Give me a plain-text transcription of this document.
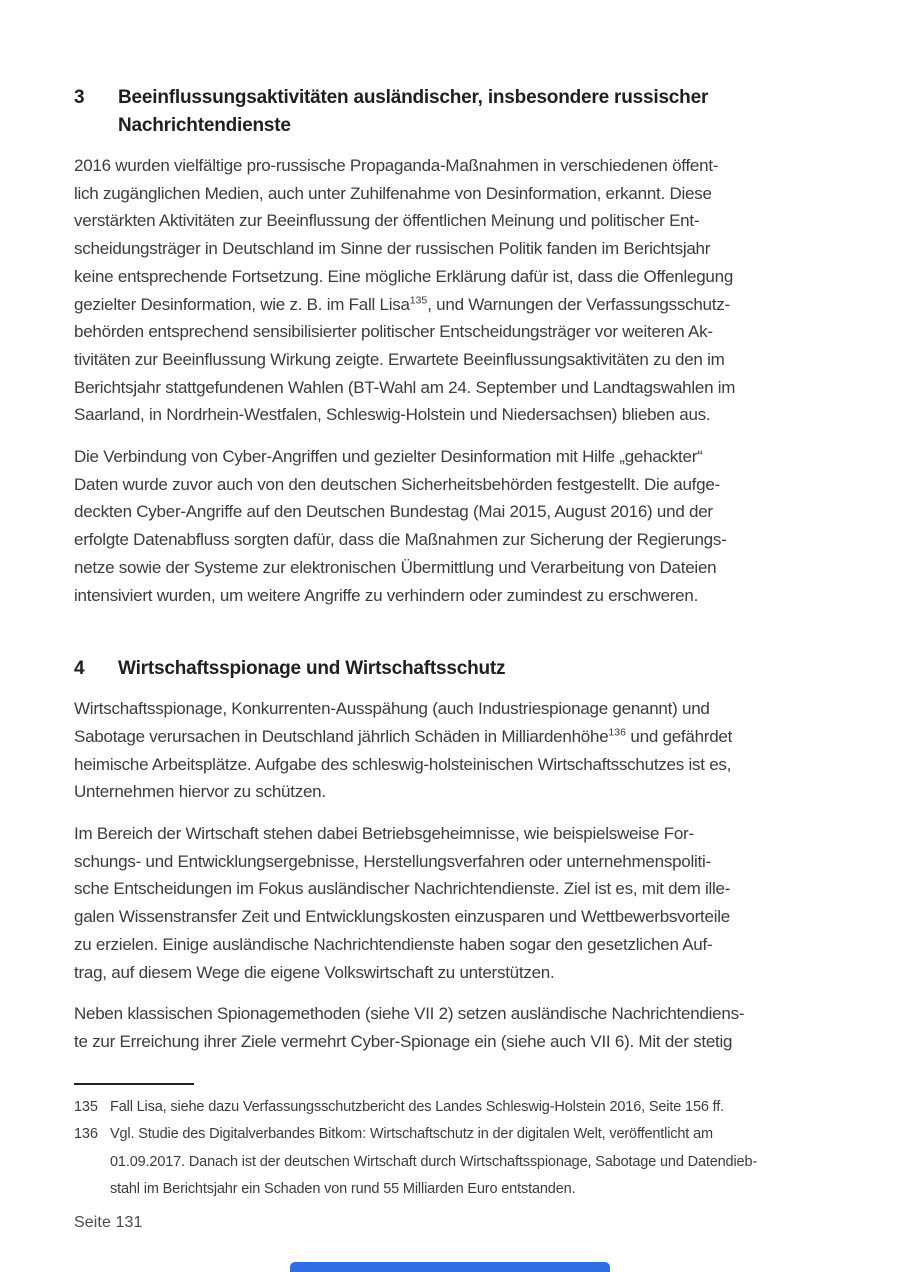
3	Beeinflussungsaktivitäten ausländischer, insbesondere russischer
Nachrichtendienste
2016 wurden vielfältige pro-russische Propaganda-Maßnahmen in verschiedenen öffent-
lich zugänglichen Medien, auch unter Zuhilfenahme von Desinformation, erkannt. Diese
verstärkten Aktivitäten zur Beeinflussung der öffentlichen Meinung und politischer Ent-
scheidungsträger in Deutschland im Sinne der russischen Politik fanden im Berichtsjahr
keine entsprechende Fortsetzung. Eine mögliche Erklärung dafür ist, dass die Offenlegung
gezielter Desinformation, wie z. B. im Fall Lisa$^{135}$, und Warnungen der Verfassungsschutz-
behörden entsprechend sensibilisierter politischer Entscheidungsträger vor weiteren Ak-
tivitäten zur Beeinflussung Wirkung zeigte. Erwartete Beeinflussungsaktivitäten zu den im
Berichtsjahr stattgefundenen Wahlen (BT-Wahl am 24. September und Landtagswahlen im
Saarland, in Nordrhein-Westfalen, Schleswig-Holstein und Niedersachsen) blieben aus.
Die Verbindung von Cyber-Angriffen und gezielter Desinformation mit Hilfe „gehackter“
Daten wurde zuvor auch von den deutschen Sicherheitsbehörden festgestellt. Die aufge-
deckten Cyber-Angriffe auf den Deutschen Bundestag (Mai 2015, August 2016) und der
erfolgte Datenabfluss sorgten dafür, dass die Maßnahmen zur Sicherung der Regierungs-
netze sowie der Systeme zur elektronischen Übermittlung und Verarbeitung von Dateien
intensiviert wurden, um weitere Angriffe zu verhindern oder zumindest zu erschweren.
4	Wirtschaftsspionage und Wirtschaftsschutz
Wirtschaftsspionage, Konkurrenten-Ausspähung (auch Industriespionage genannt) und
Sabotage verursachen in Deutschland jährlich Schäden in Milliardenhöhe$^{136}$ und gefährdet
heimische Arbeitsplätze. Aufgabe des schleswig-holsteinischen Wirtschaftsschutzes ist es,
Unternehmen hiervor zu schützen.
Im Bereich der Wirtschaft stehen dabei Betriebsgeheimnisse, wie beispielsweise For-
schungs- und Entwicklungsergebnisse, Herstellungsverfahren oder unternehmenspoliti-
sche Entscheidungen im Fokus ausländischer Nachrichtendienste. Ziel ist es, mit dem ille-
galen Wissenstransfer Zeit und Entwicklungskosten einzusparen und Wettbewerbsvorteile
zu erzielen. Einige ausländische Nachrichtendienste haben sogar den gesetzlichen Auf-
trag, auf diesem Wege die eigene Volkswirtschaft zu unterstützen.
Neben klassischen Spionagemethoden (siehe VII 2) setzen ausländische Nachrichtendiens-
te zur Erreichung ihrer Ziele vermehrt Cyber-Spionage ein (siehe auch VII 6). Mit der stetig
135 Fall Lisa, siehe dazu Verfassungsschutzbericht des Landes Schleswig-Holstein 2016, Seite 156 ff.
136 Vgl. Studie des Digitalverbandes Bitkom: Wirtschaftschutz in der digitalen Welt, veröffentlicht am
01.09.2017. Danach ist der deutschen Wirtschaft durch Wirtschaftsspionage, Sabotage und Datendieb-
stahl im Berichtsjahr ein Schaden von rund 55 Milliarden Euro entstanden.
Seite 131
